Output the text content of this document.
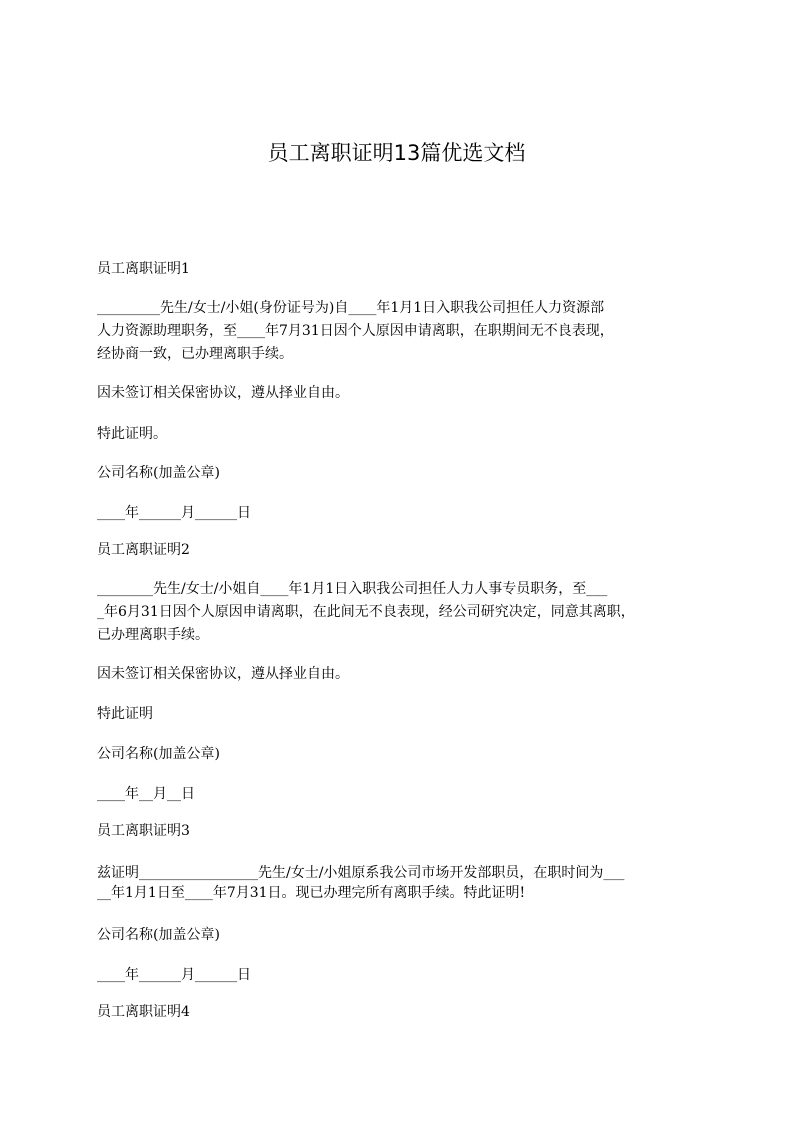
员工离职证明13篇优选文档
员工离职证明1
_________先生/女士/小姐(身份证号为)自____年1月1日入职我公司担任人力资源部
人力资源助理职务，至____年7月31日因个人原因申请离职，在职期间无不良表现，
经协商一致，已办理离职手续。
因未签订相关保密协议，遵从择业自由。
特此证明。
公司名称(加盖公章)
____年______月______日
员工离职证明2
________先生/女士/小姐自____年1月1日入职我公司担任人力人事专员职务，至___
_年6月31日因个人原因申请离职，在此间无不良表现，经公司研究决定，同意其离职，
已办理离职手续。
因未签订相关保密协议，遵从择业自由。
特此证明
公司名称(加盖公章)
____年__月__日
员工离职证明3
兹证明_________________先生/女士/小姐原系我公司市场开发部职员，在职时间为___
__年1月1日至____年7月31日。现已办理完所有离职手续。特此证明!
公司名称(加盖公章)
____年______月______日
员工离职证明4
